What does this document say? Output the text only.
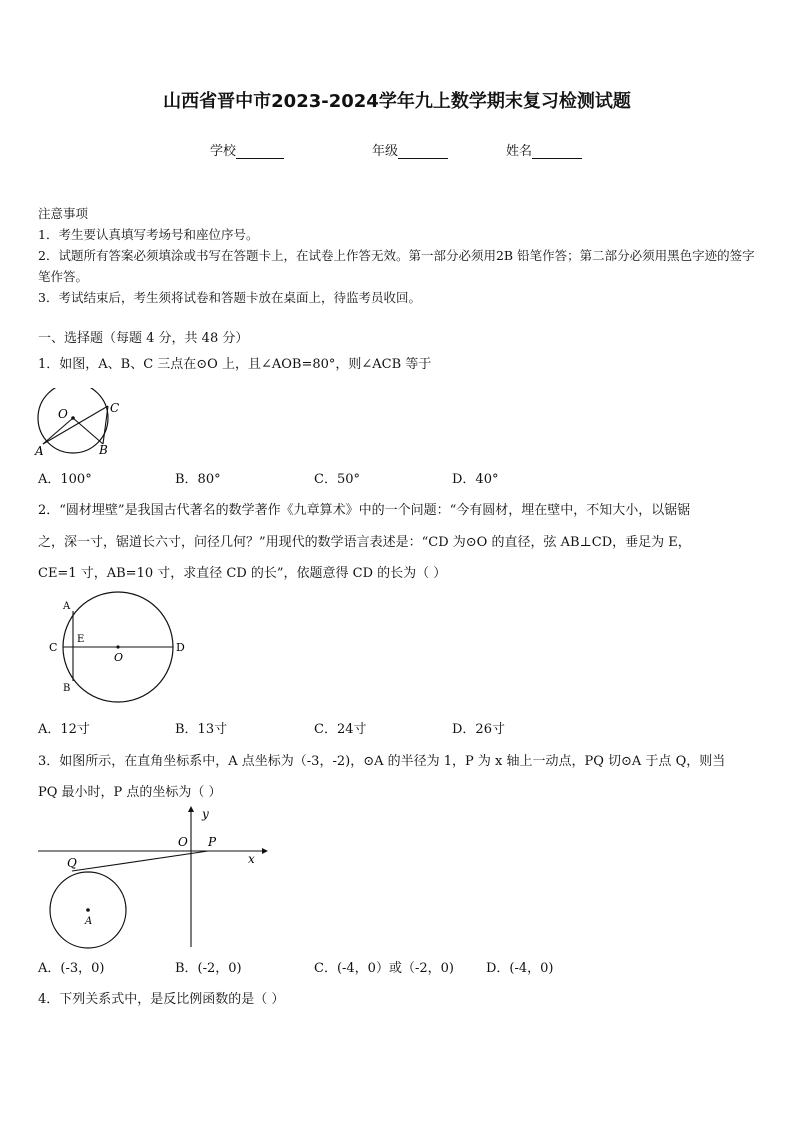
山西省晋中市2023-2024学年九上数学期末复习检测试题
学校	年级	姓名
注意事项
1．考生要认真填写考场号和座位序号。
2．试题所有答案必须填涂或书写在答题卡上，在试卷上作答无效。第一部分必须用2B 铅笔作答；第二部分必须用黑色字迹的签字笔作答。
3．考试结束后，考生须将试卷和答题卡放在桌面上，待监考员收回。
一、选择题（每题 4 分，共 48 分）
1．如图，A、B、C 三点在⊙O 上，且∠AOB=80°，则∠ACB 等于
O	C
A	B
A．100°	B．80°	C．50°	D．40°
2．“圆材埋壁”是我国古代著名的数学著作《九章算术》中的一个问题：“今有圆材，埋在壁中，不知大小，以锯锯
之，深一寸，锯道长六寸，问径几何？”用现代的数学语言表述是：“CD 为⊙O 的直径，弦 AB⊥CD，垂足为 E，
CE=1 寸，AB=10 寸，求直径 CD 的长”，依题意得 CD 的长为（ ）
A
B
C	D
E
O
A．12寸	B．13寸	C．24寸	D．26寸
3．如图所示，在直角坐标系中，A 点坐标为（-3，-2)，⊙A 的半径为 1，P 为 x 轴上一动点，PQ 切⊙A 于点 Q，则当
PQ 最小时，P 点的坐标为（ ）
y
x
O P
Q
A
A．(-3，0)	B．(-2，0)	C．(-4，0）或（-2，0) D．(-4，0)
4．下列关系式中，是反比例函数的是（ ）
